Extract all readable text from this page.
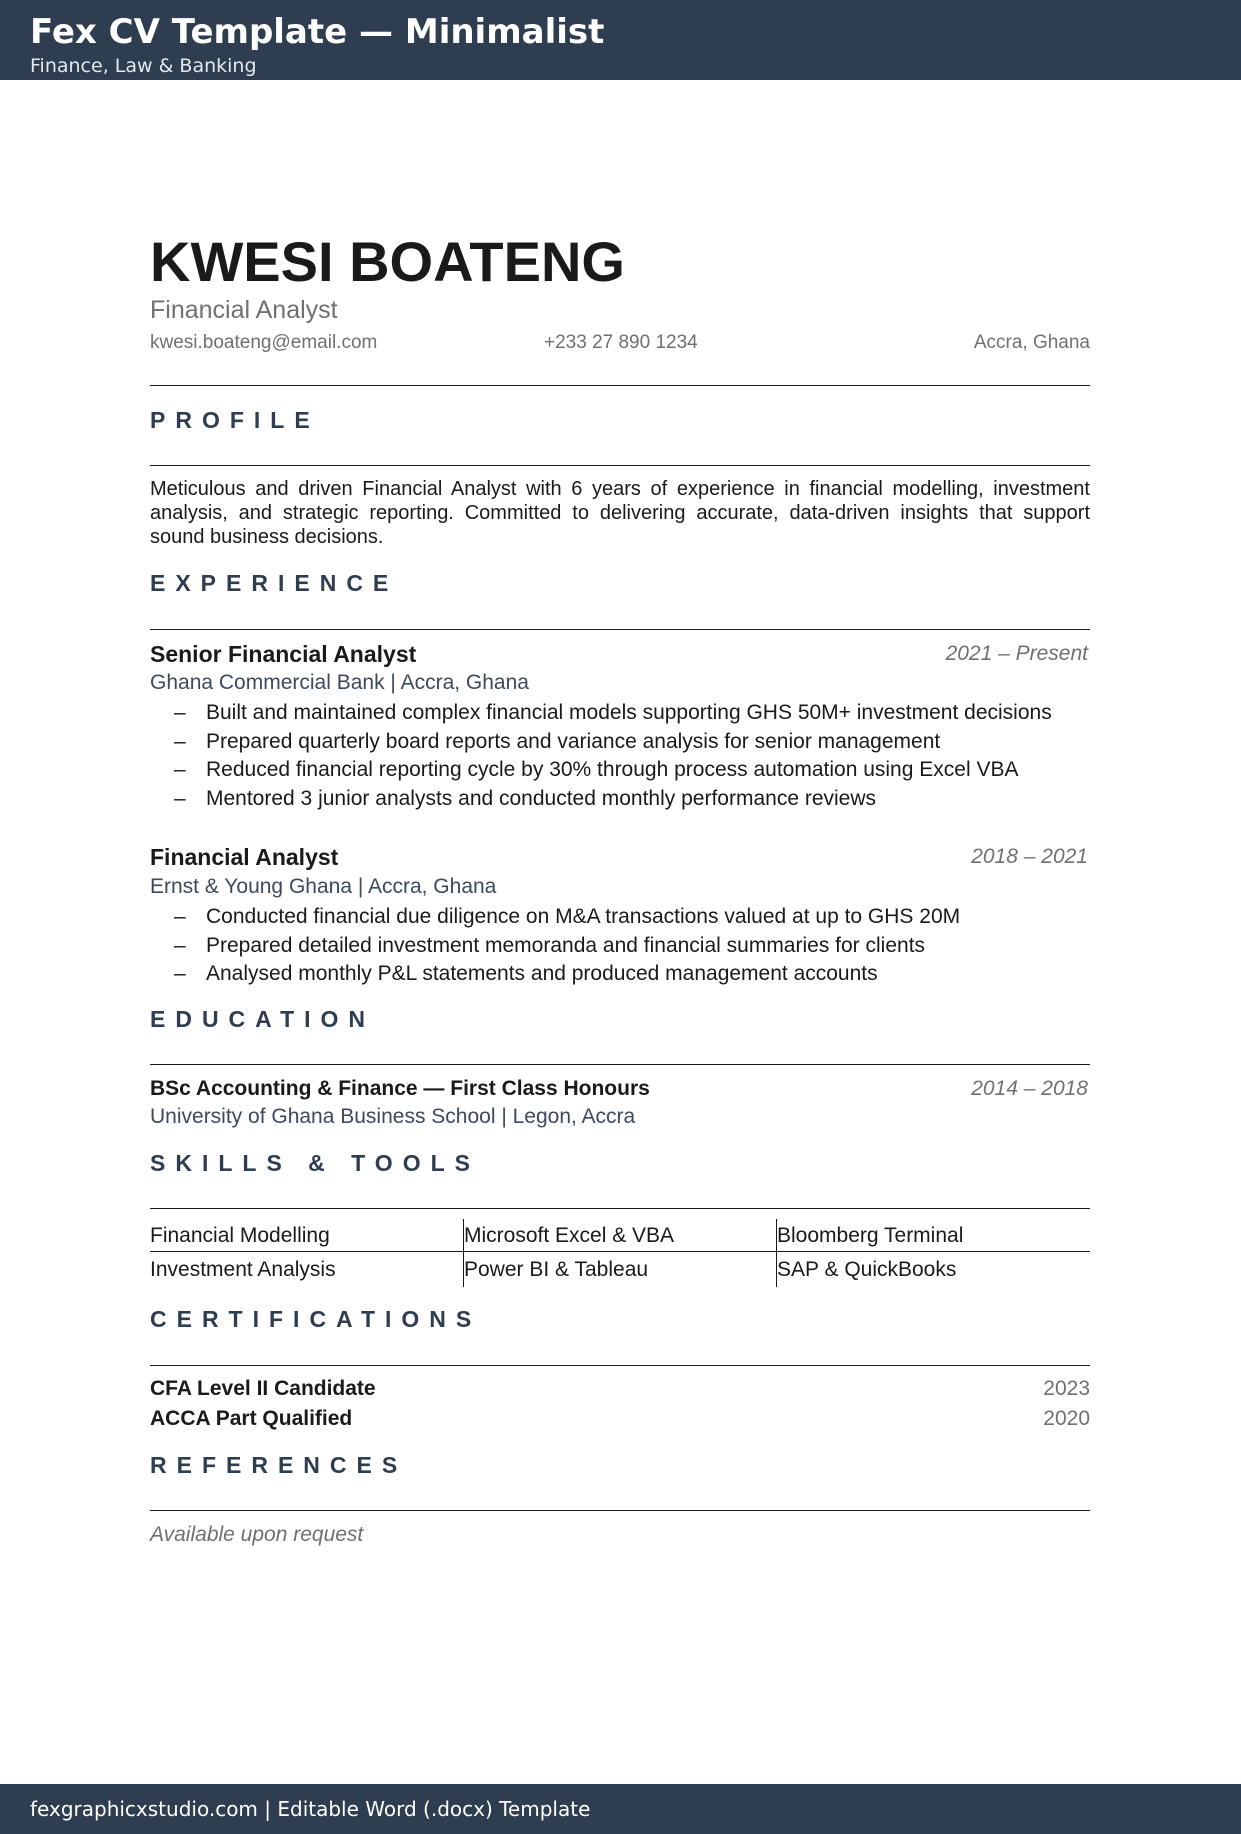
Fex CV Template — Minimalist
Finance, Law & Banking
KWESI BOATENG
Financial Analyst
kwesi.boateng@email.com	+233 27 890 1234	Accra, Ghana
PROFILE
Meticulous and driven Financial Analyst with 6 years of experience in financial modelling, investment analysis, and strategic reporting. Committed to delivering accurate, data-driven insights that support sound business decisions.
EXPERIENCE
Senior Financial Analyst	2021 – Present
Ghana Commercial Bank | Accra, Ghana
– Built and maintained complex financial models supporting GHS 50M+ investment decisions
– Prepared quarterly board reports and variance analysis for senior management
– Reduced financial reporting cycle by 30% through process automation using Excel VBA
– Mentored 3 junior analysts and conducted monthly performance reviews
Financial Analyst	2018 – 2021
Ernst & Young Ghana | Accra, Ghana
– Conducted financial due diligence on M&A transactions valued at up to GHS 20M
– Prepared detailed investment memoranda and financial summaries for clients
– Analysed monthly P&L statements and produced management accounts
EDUCATION
BSc Accounting & Finance — First Class Honours	2014 – 2018
University of Ghana Business School | Legon, Accra
SKILLS & TOOLS
Financial Modelling	Microsoft Excel & VBA	Bloomberg Terminal
Investment Analysis	Power BI & Tableau	SAP & QuickBooks
CERTIFICATIONS
CFA Level II Candidate	2023
ACCA Part Qualified	2020
REFERENCES
Available upon request
fexgraphicxstudio.com | Editable Word (.docx) Template
